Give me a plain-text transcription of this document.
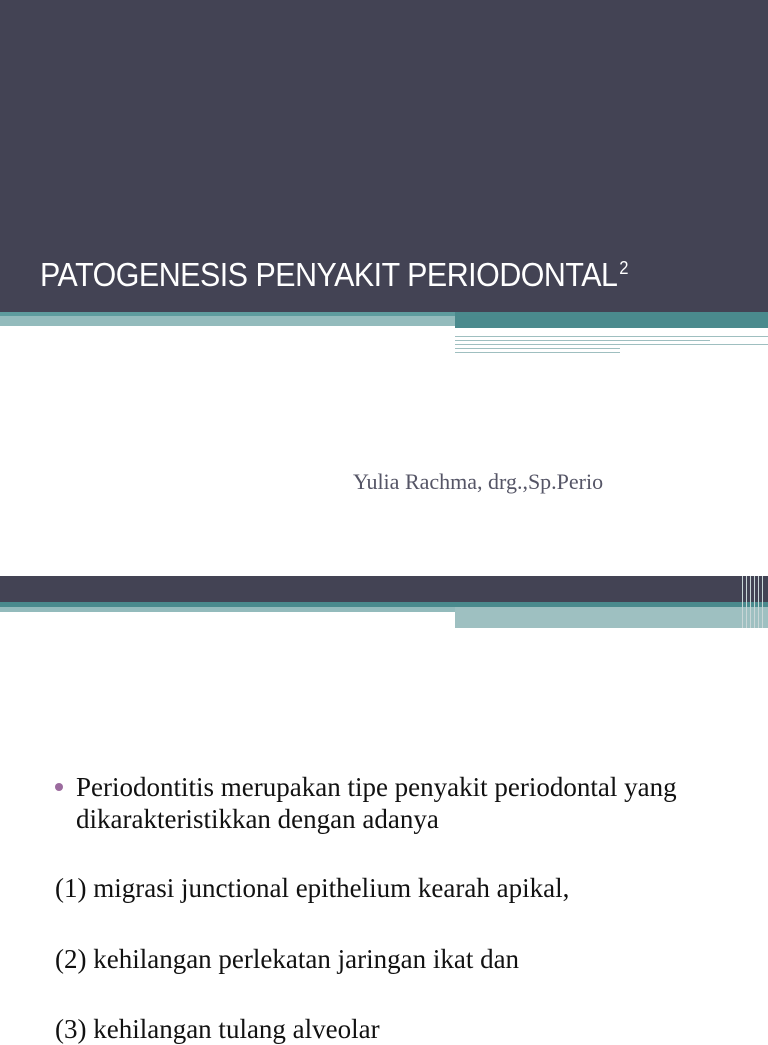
PATOGENESIS PENYAKIT PERIODONTAL $^2$
Yulia Rachma, drg.,Sp.Perio
Periodontitis merupakan tipe penyakit periodontal yang dikarakteristikkan dengan adanya
(1) migrasi junctional epithelium kearah apikal,
(2) kehilangan perlekatan jaringan ikat dan
(3) kehilangan tulang alveolar
